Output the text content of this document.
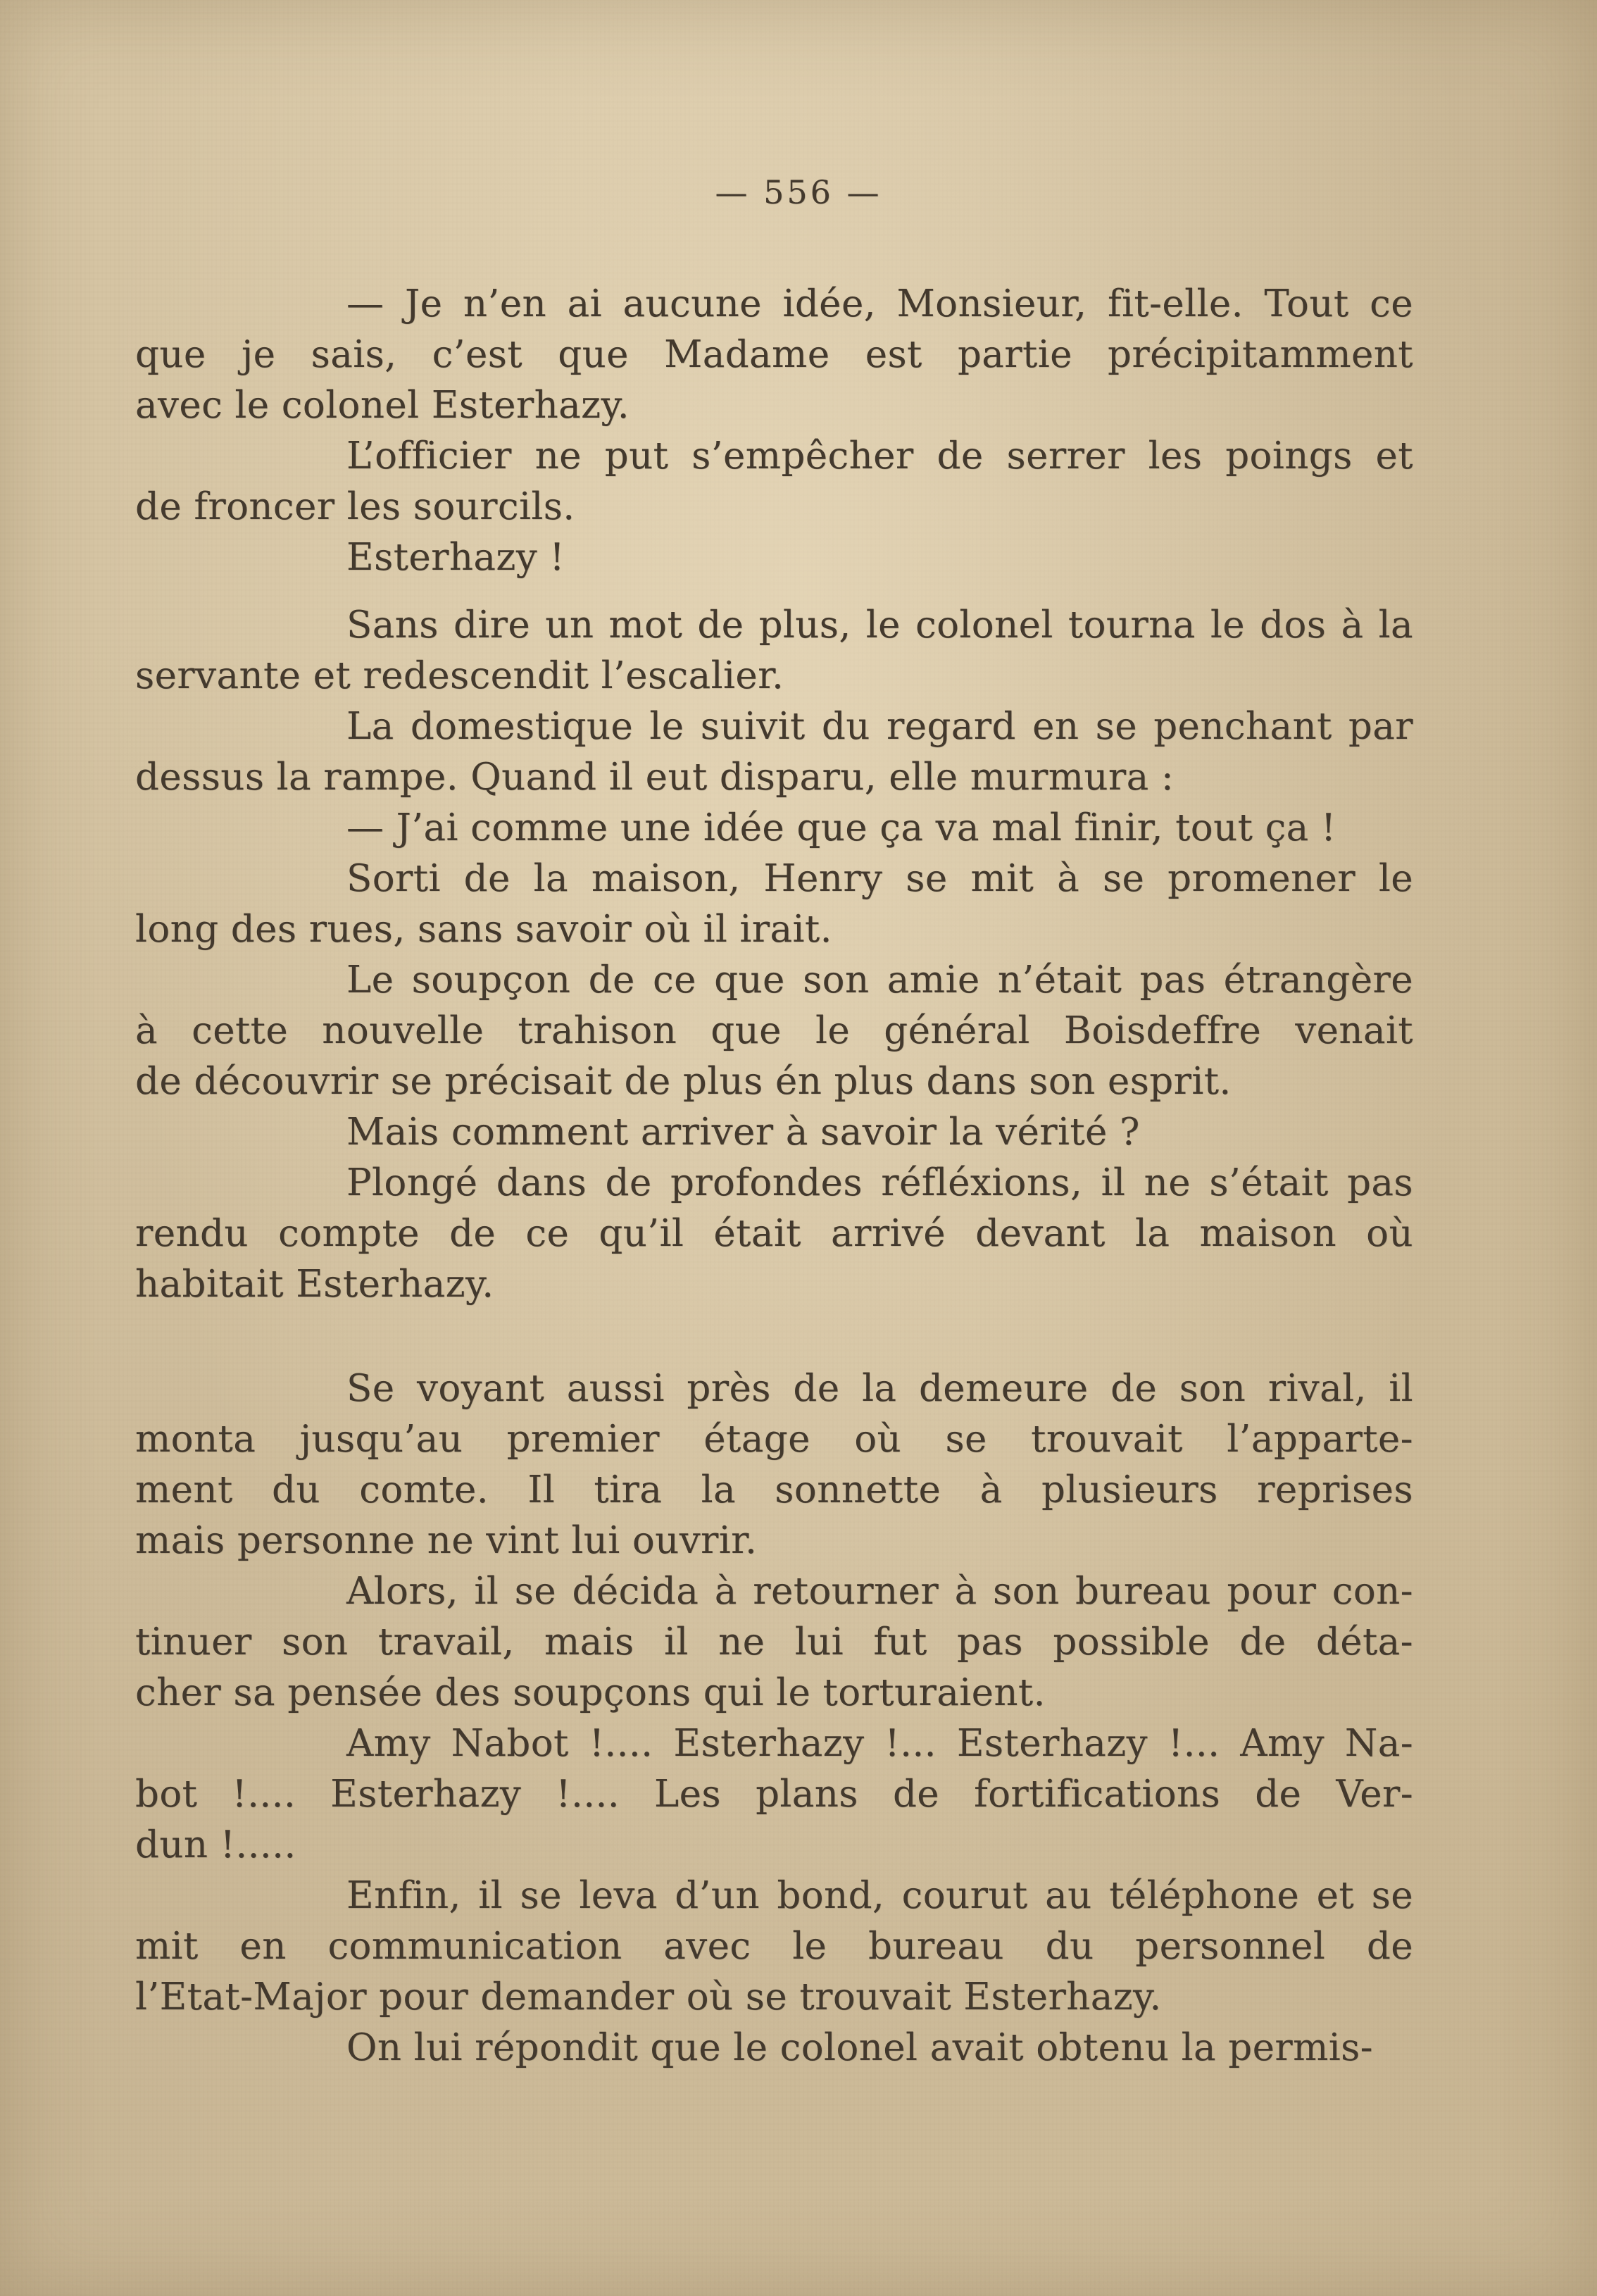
— 556 —
— Je n’en ai aucune idée, Monsieur, fit-elle. Tout ce
que je sais, c’est que Madame est partie précipitamment
avec le colonel Esterhazy.
L’officier ne put s’empêcher de serrer les poings et
de froncer les sourcils.
Esterhazy !
Sans dire un mot de plus, le colonel tourna le dos à la
servante et redescendit l’escalier.
La domestique le suivit du regard en se penchant par
dessus la rampe. Quand il eut disparu, elle murmura :
— J’ai comme une idée que ça va mal finir, tout ça !
Sorti de la maison, Henry se mit à se promener le
long des rues, sans savoir où il irait.
Le soupçon de ce que son amie n’était pas étrangère
à cette nouvelle trahison que le général Boisdeffre venait
de découvrir se précisait de plus én plus dans son esprit.
Mais comment arriver à savoir la vérité ?
Plongé dans de profondes réfléxions, il ne s’était pas
rendu compte de ce qu’il était arrivé devant la maison où
habitait Esterhazy.
Se voyant aussi près de la demeure de son rival, il
monta jusqu’au premier étage où se trouvait l’apparte-
ment du comte. Il tira la sonnette à plusieurs reprises
mais personne ne vint lui ouvrir.
Alors, il se décida à retourner à son bureau pour con-
tinuer son travail, mais il ne lui fut pas possible de déta-
cher sa pensée des soupçons qui le torturaient.
Amy Nabot !.... Esterhazy !... Esterhazy !... Amy Na-
bot !.... Esterhazy !.... Les plans de fortifications de Ver-
dun !.....
Enfin, il se leva d’un bond, courut au téléphone et se
mit en communication avec le bureau du personnel de
l’Etat-Major pour demander où se trouvait Esterhazy.
On lui répondit que le colonel avait obtenu la permis-
